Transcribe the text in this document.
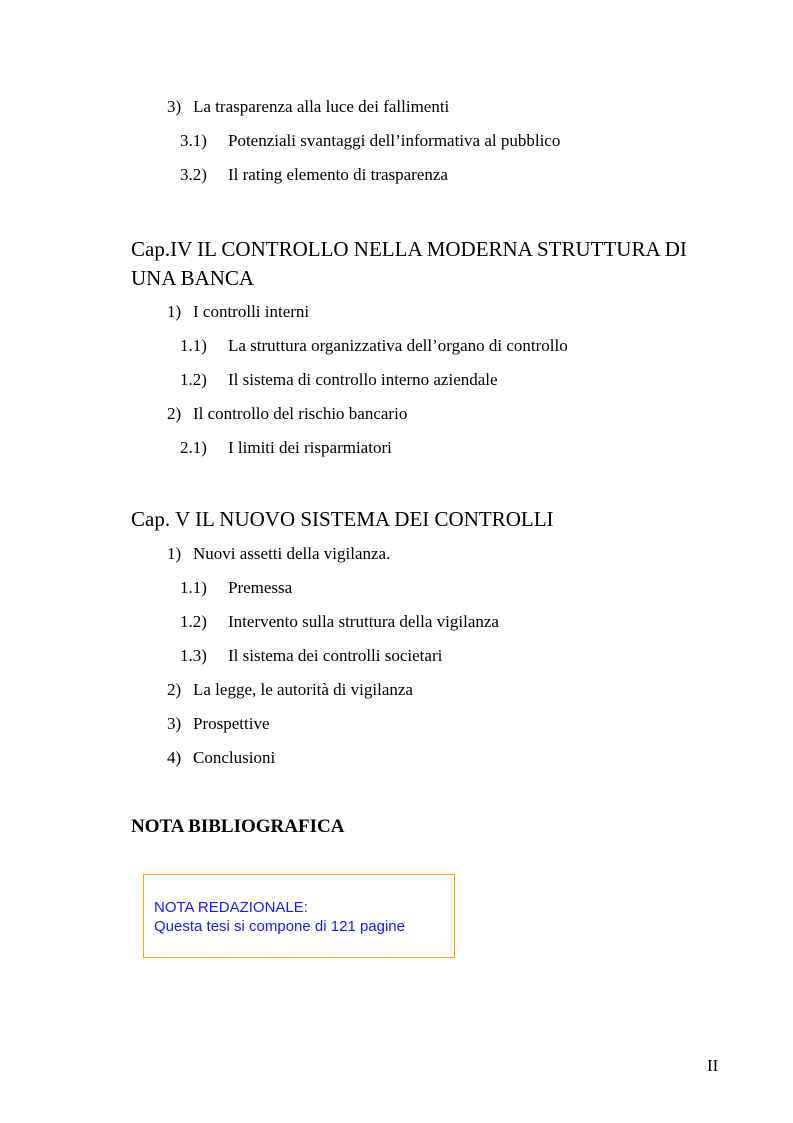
3) La trasparenza alla luce dei fallimenti
3.1) Potenziali svantaggi dell’informativa al pubblico
3.2) Il rating elemento di trasparenza
Cap.IV IL CONTROLLO NELLA MODERNA STRUTTURA DI
UNA BANCA
1) I controlli interni
1.1) La struttura organizzativa dell’organo di controllo
1.2) Il sistema di controllo interno aziendale
2) Il controllo del rischio bancario
2.1) I limiti dei risparmiatori
Cap. V IL NUOVO SISTEMA DEI CONTROLLI
1) Nuovi assetti della vigilanza.
1.1) Premessa
1.2) Intervento sulla struttura della vigilanza
1.3) Il sistema dei controlli societari
2) La legge, le autorità di vigilanza
3) Prospettive
4) Conclusioni
NOTA BIBLIOGRAFICA
NOTA REDAZIONALE:
Questa tesi si compone di 121 pagine
II
